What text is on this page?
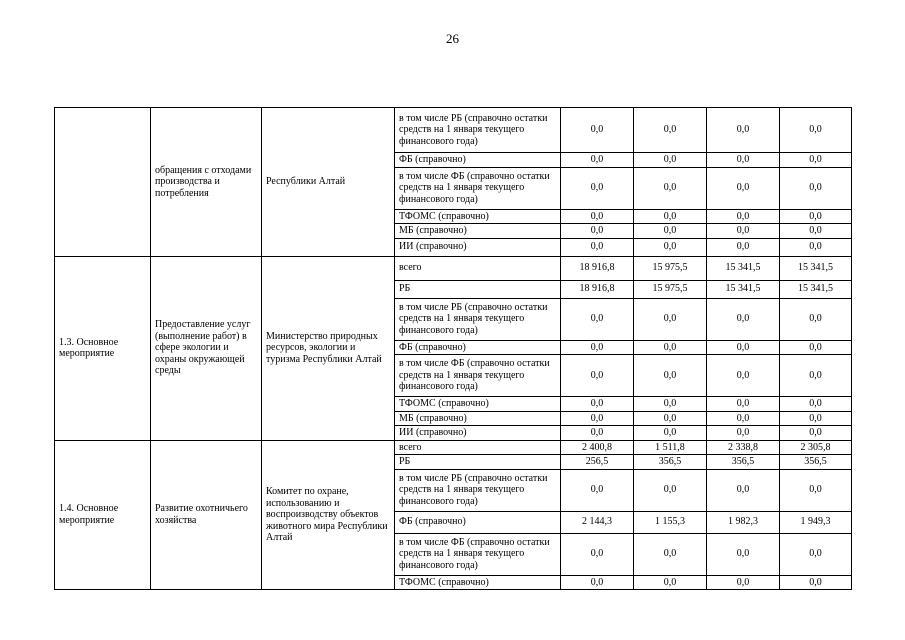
26
	обращения с отходами производства и потребления	Республики Алтай	в том числе РБ (справочно остатки средств на 1 января текущего финансового года)	0,0	0,0	0,0	0,0
			ФБ (справочно)	0,0	0,0	0,0	0,0
			в том числе ФБ (справочно остатки средств на 1 января текущего финансового года)	0,0	0,0	0,0	0,0
			ТФОМС (справочно)	0,0	0,0	0,0	0,0
			МБ (справочно)	0,0	0,0	0,0	0,0
			ИИ (справочно)	0,0	0,0	0,0	0,0
1.3. Основное мероприятие	Предоставление услуг (выполнение работ) в сфере экологии и охраны окружающей среды	Министерство природных ресурсов, экологии и туризма Республики Алтай	всего	18 916,8	15 975,5	15 341,5	15 341,5
			РБ	18 916,8	15 975,5	15 341,5	15 341,5
			в том числе РБ (справочно остатки средств на 1 января текущего финансового года)	0,0	0,0	0,0	0,0
			ФБ (справочно)	0,0	0,0	0,0	0,0
			в том числе ФБ (справочно остатки средств на 1 января текущего финансового года)	0,0	0,0	0,0	0,0
			ТФОМС (справочно)	0,0	0,0	0,0	0,0
			МБ (справочно)	0,0	0,0	0,0	0,0
			ИИ (справочно)	0,0	0,0	0,0	0,0
1.4. Основное мероприятие	Развитие охотничьего хозяйства	Комитет по охране, использованию и воспроизводству объектов животного мира Республики Алтай	всего	2 400,8	1 511,8	2 338,8	2 305,8
			РБ	256,5	356,5	356,5	356,5
			в том числе РБ (справочно остатки средств на 1 января текущего финансового года)	0,0	0,0	0,0	0,0
			ФБ (справочно)	2 144,3	1 155,3	1 982,3	1 949,3
			в том числе ФБ (справочно остатки средств на 1 января текущего финансового года)	0,0	0,0	0,0	0,0
			ТФОМС (справочно)	0,0	0,0	0,0	0,0
